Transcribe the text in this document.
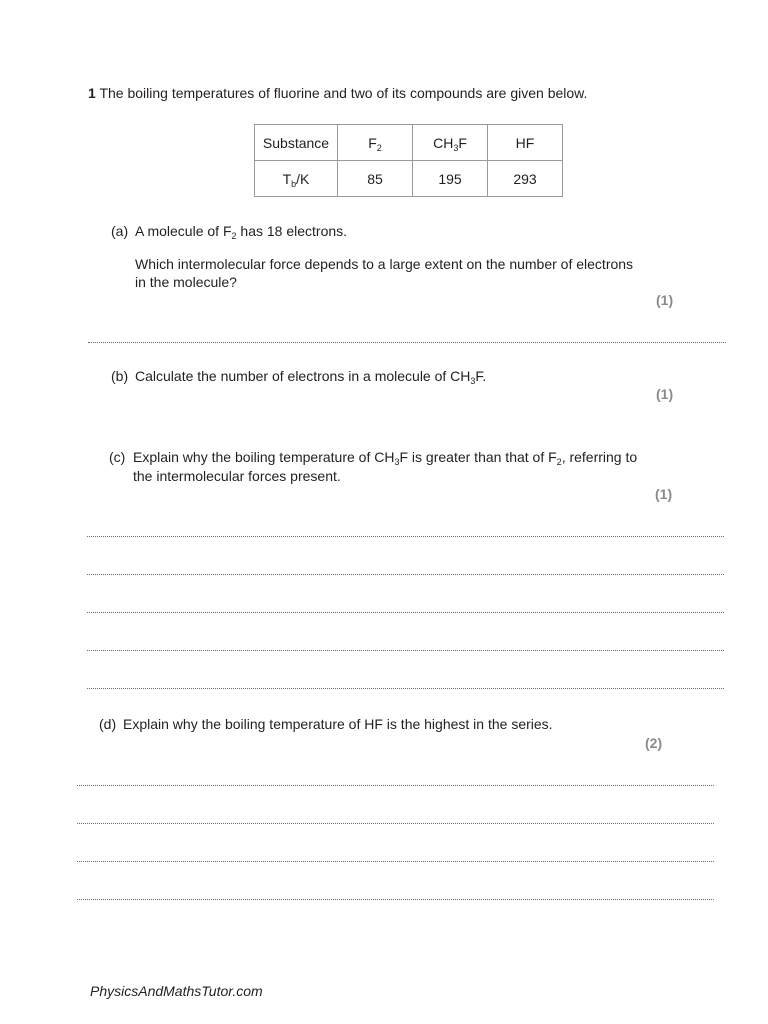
1 The boiling temperatures of fluorine and two of its compounds are given below.
Substance	$F_2$	$CH_3F$	HF
$T_b/K$	85	195	293
(a) A molecule of $F_2$ has 18 electrons.
Which intermolecular force depends to a large extent on the number of electrons
in the molecule?
(1)
(b) Calculate the number of electrons in a molecule of $CH_3F$.
(1)
(c) Explain why the boiling temperature of $CH_3F$ is greater than that of $F_2$, referring to
the intermolecular forces present.
(1)
(d) Explain why the boiling temperature of HF is the highest in the series.
(2)
PhysicsAndMathsTutor.com
